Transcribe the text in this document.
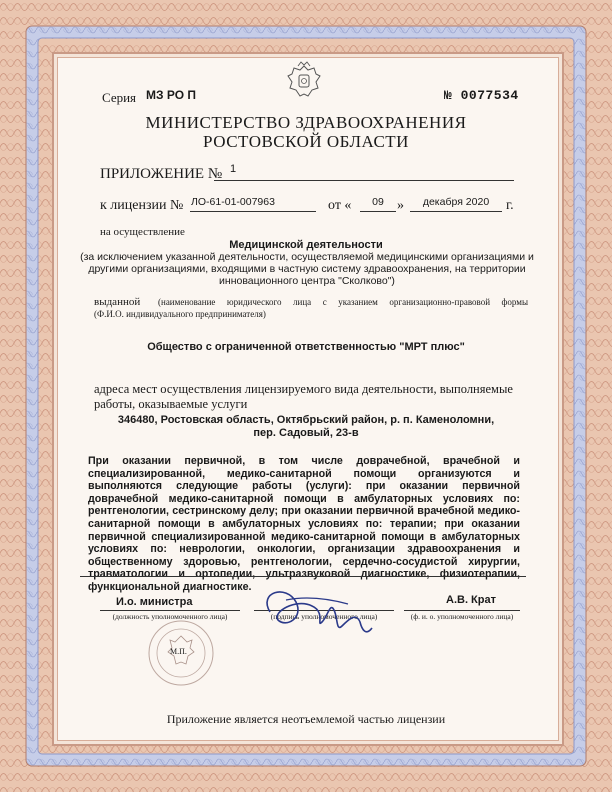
Серия МЗ РО П	№ 0077534
МИНИСТЕРСТВО ЗДРАВООХРАНЕНИЯ
РОСТОВСКОЙ ОБЛАСТИ
ПРИЛОЖЕНИЕ № 1
к лицензии № ЛО-61-01-007963	от «	09 »	декабря 2020	г.
на осуществление
Медицинской деятельности
(за исключением указанной деятельности, осуществляемой медицинскими организациями и другими организациями, входящими в частную систему здравоохранения, на территории инновационного центра "Сколково")
выданной (наименование юридического лица с указанием организационно-правовой формы
(Ф.И.О. индивидуального предпринимателя)
Общество с ограниченной ответственностью "МРТ плюс"
адреса мест осуществления лицензируемого вида деятельности, выполняемые работы, оказываемые услуги
346480, Ростовская область, Октябрьский район, р. п. Каменоломни,
пер. Садовый, 23-в
При оказании первичной, в том числе доврачебной, врачебной и специализированной, медико-санитарной помощи организуются и выполняются следующие работы (услуги): при оказании первичной доврачебной медико-санитарной помощи в амбулаторных условиях по: рентгенологии, сестринскому делу; при оказании первичной врачебной медико-санитарной помощи в амбулаторных условиях по: терапии; при оказании первичной специализированной медико-санитарной помощи в амбулаторных условиях по: неврологии, онкологии, организации здравоохранения и общественному здоровью, рентгенологии, сердечно-сосудистой хирургии, травматологии и ортопедии, ультразвуковой диагностике, физиотерапии, функциональной диагностике.
И.о. министра
(должность уполномоченного лица)	(подпись уполномоченного лица)
А.В. Крат
(ф. и. о. уполномоченного лица)
М.П.
Приложение является неотъемлемой частью лицензии
